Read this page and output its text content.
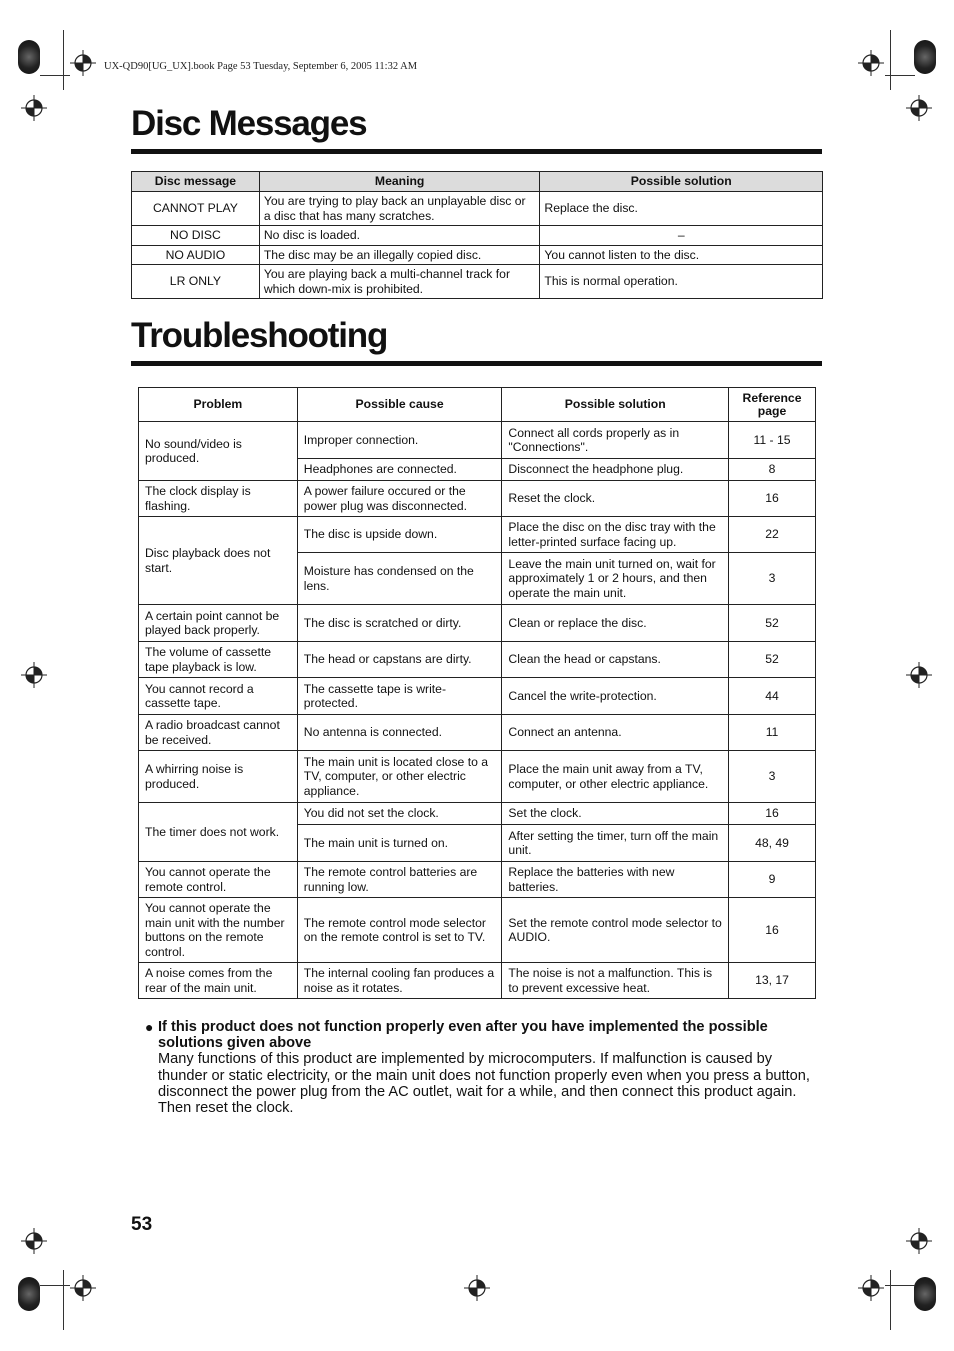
UX-QD90[UG_UX].book Page 53 Tuesday, September 6, 2005 11:32 AM
Disc Messages
Disc message	Meaning	Possible solution
CANNOT PLAY	You are trying to play back an unplayable disc or a disc that has many scratches.	Replace the disc.
NO DISC	No disc is loaded.	–
NO AUDIO	The disc may be an illegally copied disc.	You cannot listen to the disc.
LR ONLY	You are playing back a multi-channel track for which down-mix is prohibited.	This is normal operation.
Troubleshooting
Problem	Possible cause	Possible solution	Reference page
No sound/video is produced.	Improper connection.	Connect all cords properly as in "Connections".	11 - 15
	Headphones are connected.	Disconnect the headphone plug.	8
The clock display is flashing.	A power failure occured or the power plug was disconnected.	Reset the clock.	16
Disc playback does not start.	The disc is upside down.	Place the disc on the disc tray with the letter-printed surface facing up.	22
	Moisture has condensed on the lens.	Leave the main unit turned on, wait for approximately 1 or 2 hours, and then operate the main unit.	3
A certain point cannot be played back properly.	The disc is scratched or dirty.	Clean or replace the disc.	52
The volume of cassette tape playback is low.	The head or capstans are dirty.	Clean the head or capstans.	52
You cannot record a cassette tape.	The cassette tape is write-protected.	Cancel the write-protection.	44
A radio broadcast cannot be received.	No antenna is connected.	Connect an antenna.	11
A whirring noise is produced.	The main unit is located close to a TV, computer, or other electric appliance.	Place the main unit away from a TV, computer, or other electric appliance.	3
The timer does not work.	You did not set the clock.	Set the clock.	16
	The main unit is turned on.	After setting the timer, turn off the main unit.	48, 49
You cannot operate the remote control.	The remote control batteries are running low.	Replace the batteries with new batteries.	9
You cannot operate the main unit with the number buttons on the remote control.	The remote control mode selector on the remote control is set to TV.	Set the remote control mode selector to AUDIO.	16
A noise comes from the rear of the main unit.	The internal cooling fan produces a noise as it rotates.	The noise is not a malfunction. This is to prevent excessive heat.	13, 17
● If this product does not function properly even after you have implemented the possible solutions given above
Many functions of this product are implemented by microcomputers. If malfunction is caused by thunder or static electricity, or the main unit does not function properly even when you press a button, disconnect the power plug from the AC outlet, wait for a while, and then connect this product again. Then reset the clock.
53
